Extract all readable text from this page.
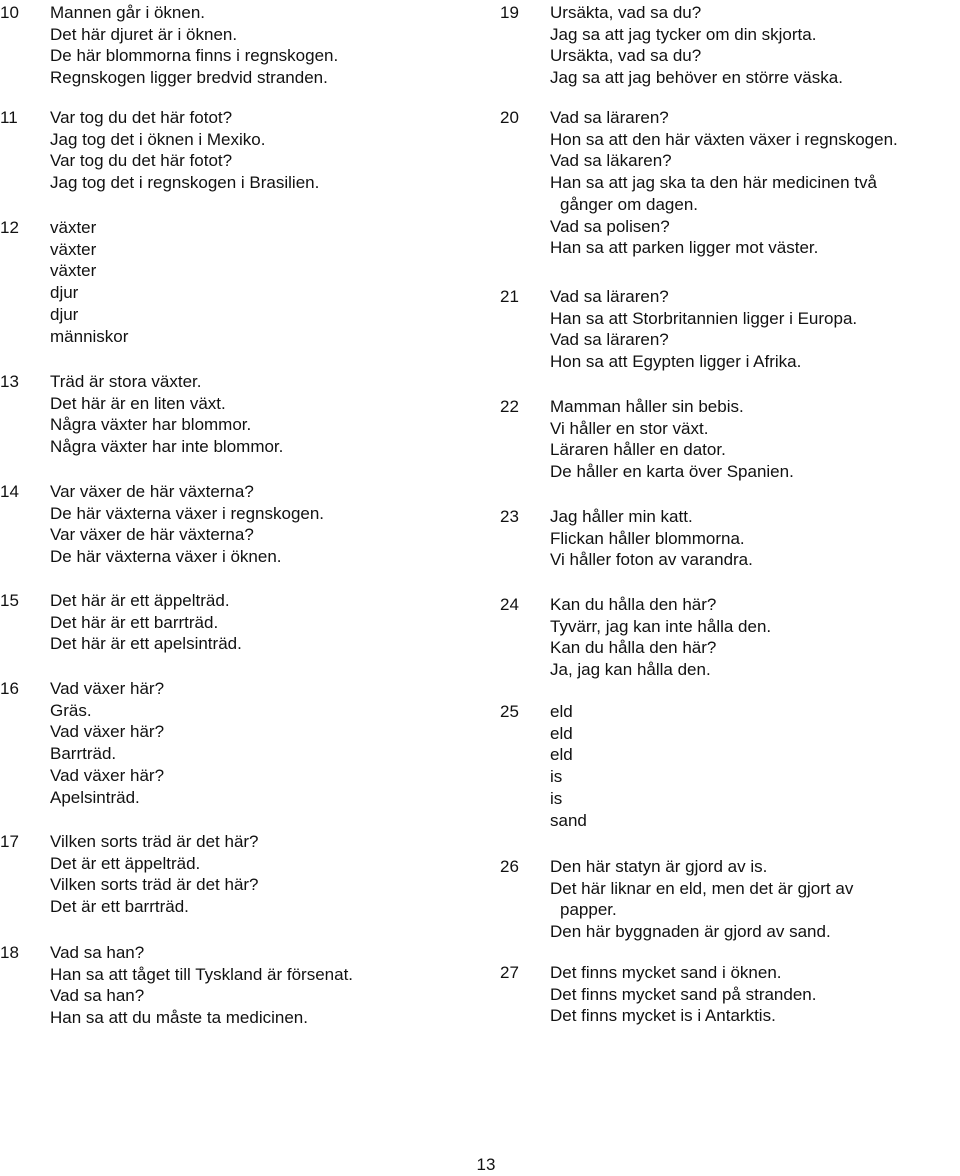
10 Mannen går i öknen.
Det här djuret är i öknen.
De här blommorna finns i regnskogen.
Regnskogen ligger bredvid stranden.
11 Var tog du det här fotot?
Jag tog det i öknen i Mexiko.
Var tog du det här fotot?
Jag tog det i regnskogen i Brasilien.
12 växter
växter
växter
djur
djur
människor
13 Träd är stora växter.
Det här är en liten växt.
Några växter har blommor.
Några växter har inte blommor.
14 Var växer de här växterna?
De här växterna växer i regnskogen.
Var växer de här växterna?
De här växterna växer i öknen.
15 Det här är ett äppelträd.
Det här är ett barrträd.
Det här är ett apelsinträd.
16 Vad växer här?
Gräs.
Vad växer här?
Barrträd.
Vad växer här?
Apelsinträd.
17 Vilken sorts träd är det här?
Det är ett äppelträd.
Vilken sorts träd är det här?
Det är ett barrträd.
18 Vad sa han?
Han sa att tåget till Tyskland är försenat.
Vad sa han?
Han sa att du måste ta medicinen.
19 Ursäkta, vad sa du?
Jag sa att jag tycker om din skjorta.
Ursäkta, vad sa du?
Jag sa att jag behöver en större väska.
20 Vad sa läraren?
Hon sa att den här växten växer i regnskogen.
Vad sa läkaren?
Han sa att jag ska ta den här medicinen två
gånger om dagen.
Vad sa polisen?
Han sa att parken ligger mot väster.
21 Vad sa läraren?
Han sa att Storbritannien ligger i Europa.
Vad sa läraren?
Hon sa att Egypten ligger i Afrika.
22 Mamman håller sin bebis.
Vi håller en stor växt.
Läraren håller en dator.
De håller en karta över Spanien.
23 Jag håller min katt.
Flickan håller blommorna.
Vi håller foton av varandra.
24 Kan du hålla den här?
Tyvärr, jag kan inte hålla den.
Kan du hålla den här?
Ja, jag kan hålla den.
25 eld
eld
eld
is
is
sand
26 Den här statyn är gjord av is.
Det här liknar en eld, men det är gjort av
papper.
Den här byggnaden är gjord av sand.
27 Det finns mycket sand i öknen.
Det finns mycket sand på stranden.
Det finns mycket is i Antarktis.
13
